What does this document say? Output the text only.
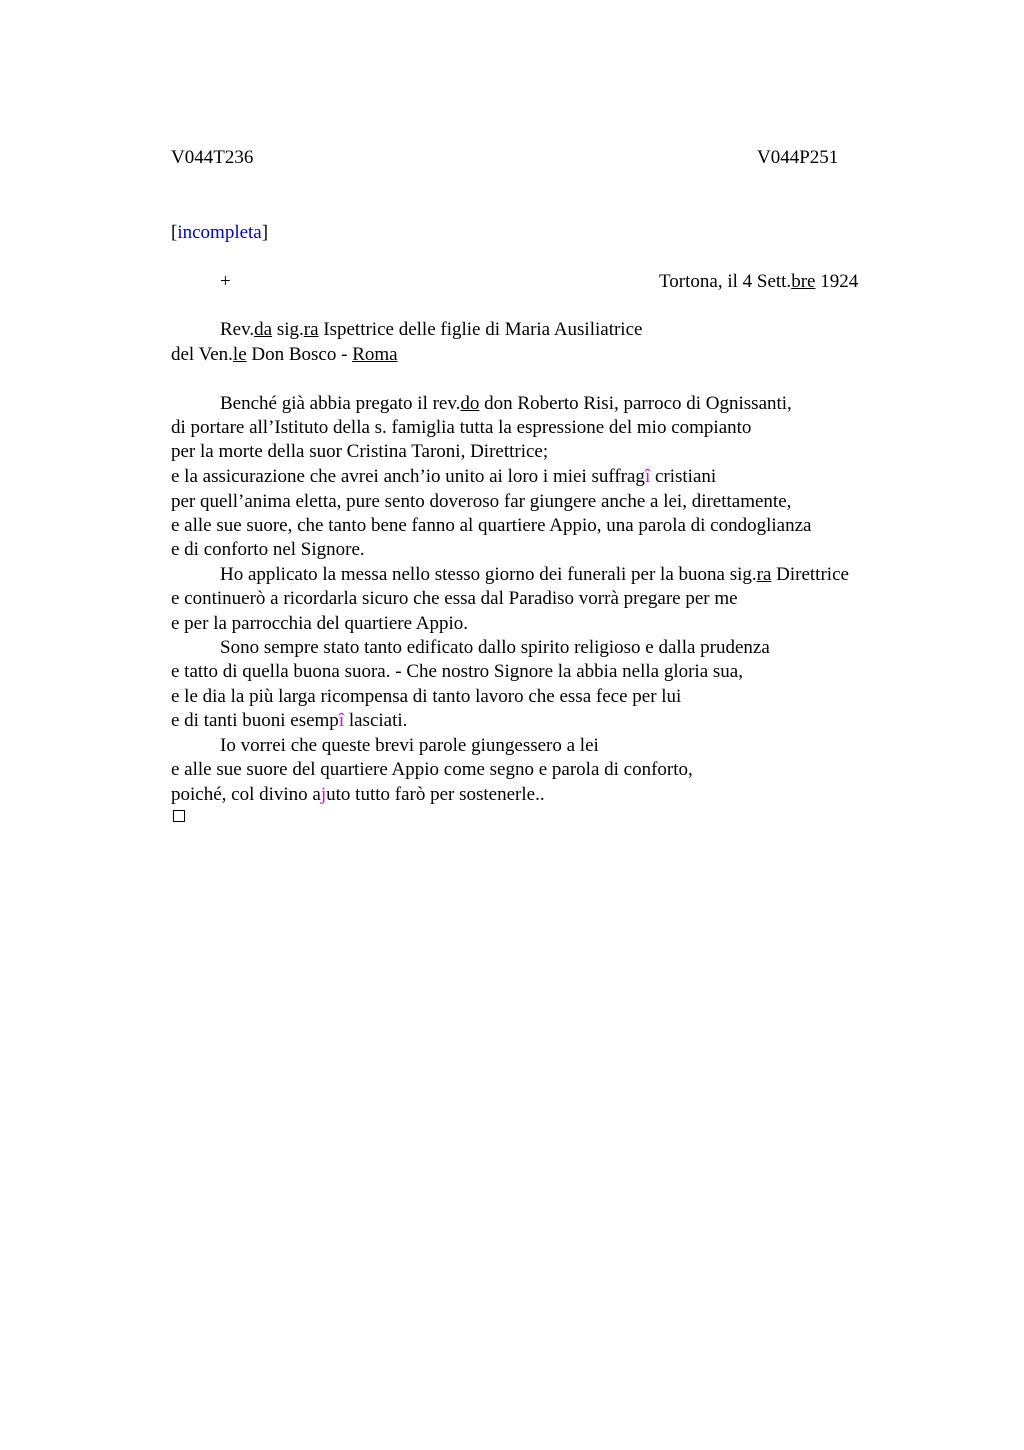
V044T236	V044P251
[incompleta]
+	Tortona, il 4 Sett.bre 1924
Rev.da sig.ra Ispettrice delle figlie di Maria Ausiliatrice
del Ven.le Don Bosco - Roma
Benché già abbia pregato il rev.do don Roberto Risi, parroco di Ognissanti,
di portare all’Istituto della s. famiglia tutta la espressione del mio compianto
per la morte della suor Cristina Taroni, Direttrice;
e la assicurazione che avrei anch’io unito ai loro i miei suffragî cristiani
per quell’anima eletta, pure sento doveroso far giungere anche a lei, direttamente,
e alle sue suore, che tanto bene fanno al quartiere Appio, una parola di condoglianza
e di conforto nel Signore.
Ho applicato la messa nello stesso giorno dei funerali per la buona sig.ra Direttrice
e continuerò a ricordarla sicuro che essa dal Paradiso vorrà pregare per me
e per la parrocchia del quartiere Appio.
Sono sempre stato tanto edificato dallo spirito religioso e dalla prudenza
e tatto di quella buona suora. - Che nostro Signore la abbia nella gloria sua,
e le dia la più larga ricompensa di tanto lavoro che essa fece per lui
e di tanti buoni esempî lasciati.
Io vorrei che queste brevi parole giungessero a lei
e alle sue suore del quartiere Appio come segno e parola di conforto,
poiché, col divino ajuto tutto farò per sostenerle..
